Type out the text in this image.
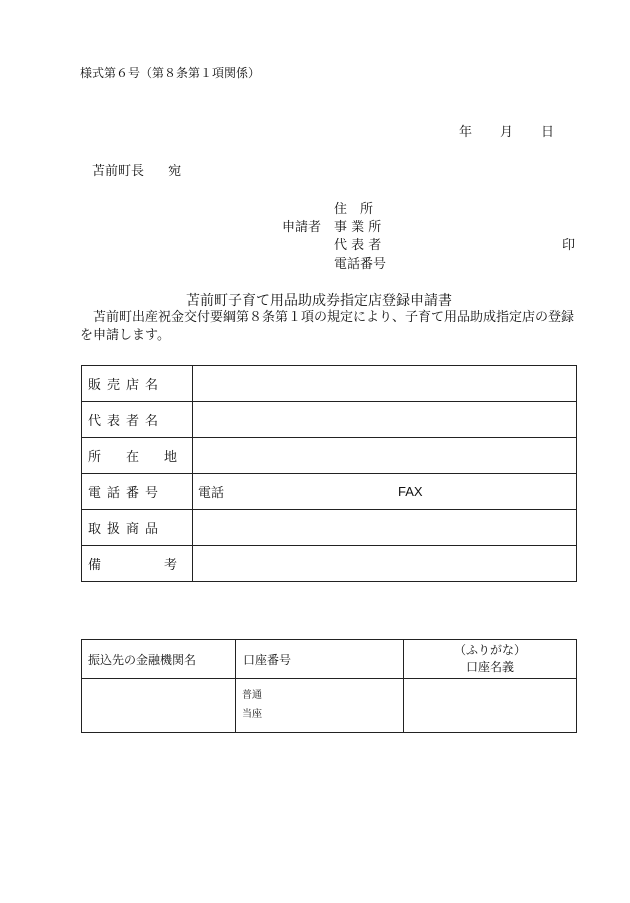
様式第６号（第８条第１項関係）
年 月 日
苫前町長 宛
申請者
住　所
事 業 所
代 表 者
電話番号
印
苫前町子育て用品助成券指定店登録申請書
苫前町出産祝金交付要綱第８条第１項の規定により、子育て用品助成指定店の登録を申請します。
販売店名	
代表者名	
所　在　地	
電話番号	電話 FAX

取扱商品	
備　　　考	
振込先の金融機関名	口座番号	（ふりがな）
口座名義

	普通
当座	
